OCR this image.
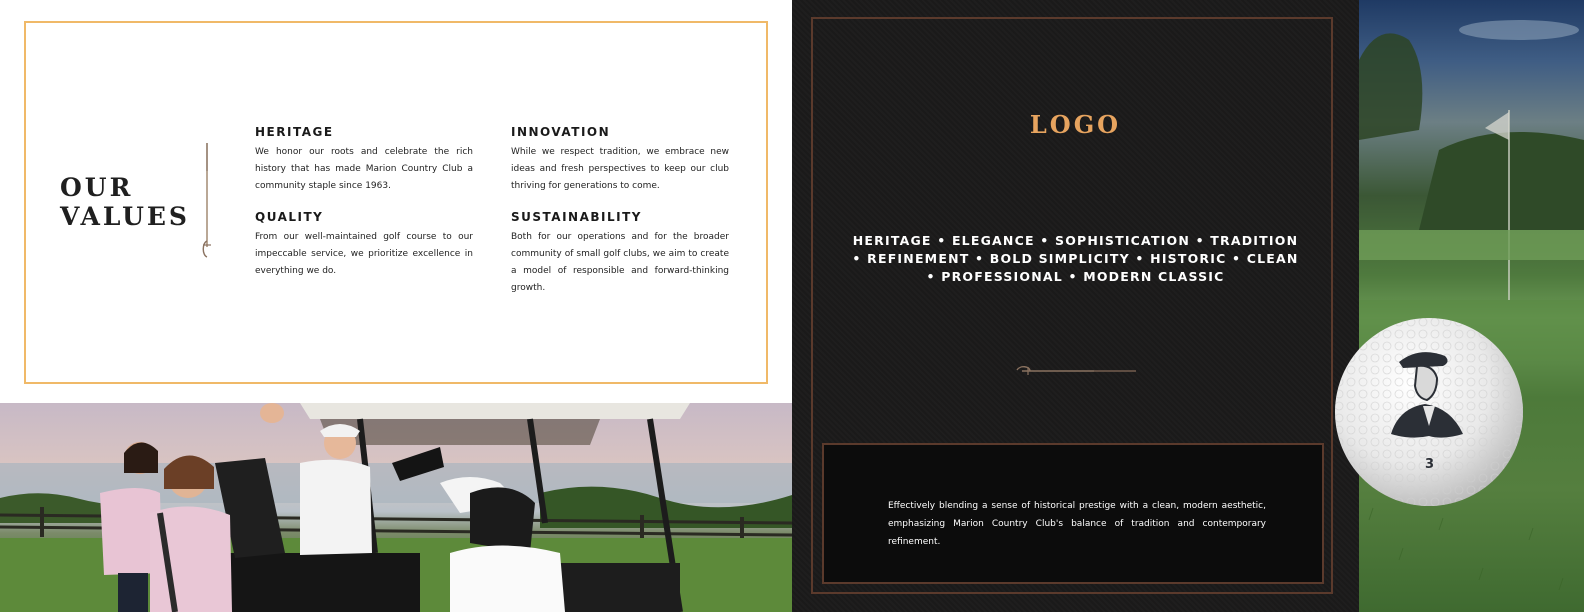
OUR
VALUES
HERITAGE

We honor our roots and celebrate the rich history that has made Marion Country Club a community staple since 1963.

INNOVATION

While we respect tradition, we embrace new ideas and fresh perspectives to keep our club thriving for generations to come.

QUALITY

From our well-maintained golf course to our impeccable service, we prioritize excellence in everything we do.

SUSTAINABILITY

Both for our operations and for the broader community of small golf clubs, we aim to create a model of responsible and forward-thinking growth.

LOGO
HERITAGE • ELEGANCE • SOPHISTICATION • TRADITION
• REFINEMENT • BOLD SIMPLICITY • HISTORIC • CLEAN
• PROFESSIONAL • MODERN CLASSIC

Effectively blending a sense of historical prestige with a clean, modern aesthetic, emphasizing Marion Country Club's balance of tradition and contemporary refinement.

3
